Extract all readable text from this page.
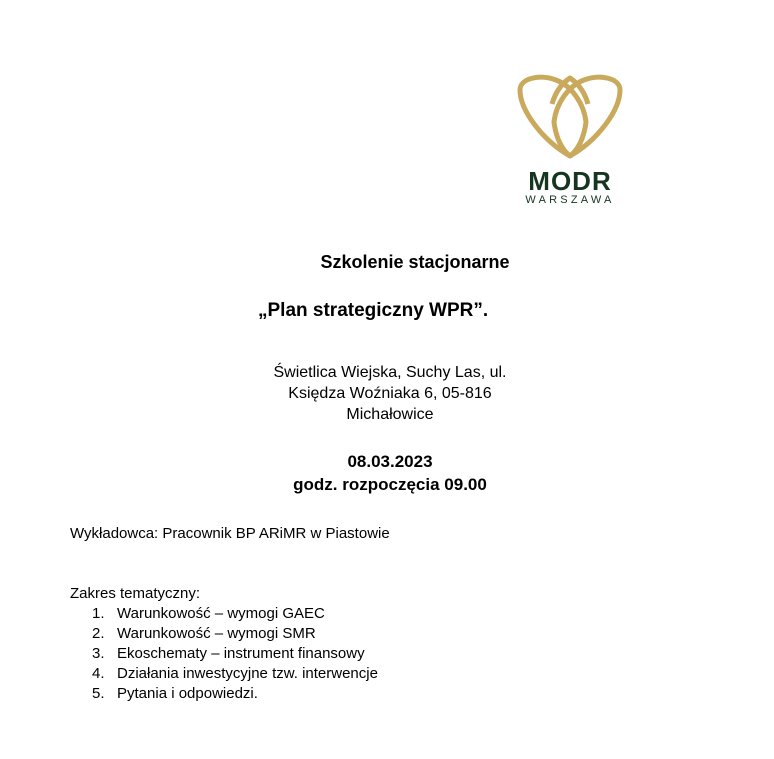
MODR
WARSZAWA
Szkolenie stacjonarne
„Plan strategiczny WPR”.
Świetlica Wiejska, Suchy Las, ul.
Księdza Woźniaka 6, 05-816
Michałowice
08.03.2023
godz. rozpoczęcia 09.00
Wykładowca: Pracownik BP ARiMR w Piastowie
Zakres tematyczny:
1. Warunkowość – wymogi GAEC
2. Warunkowość – wymogi SMR
3. Ekoschematy – instrument finansowy
4. Działania inwestycyjne tzw. interwencje
5. Pytania i odpowiedzi.
